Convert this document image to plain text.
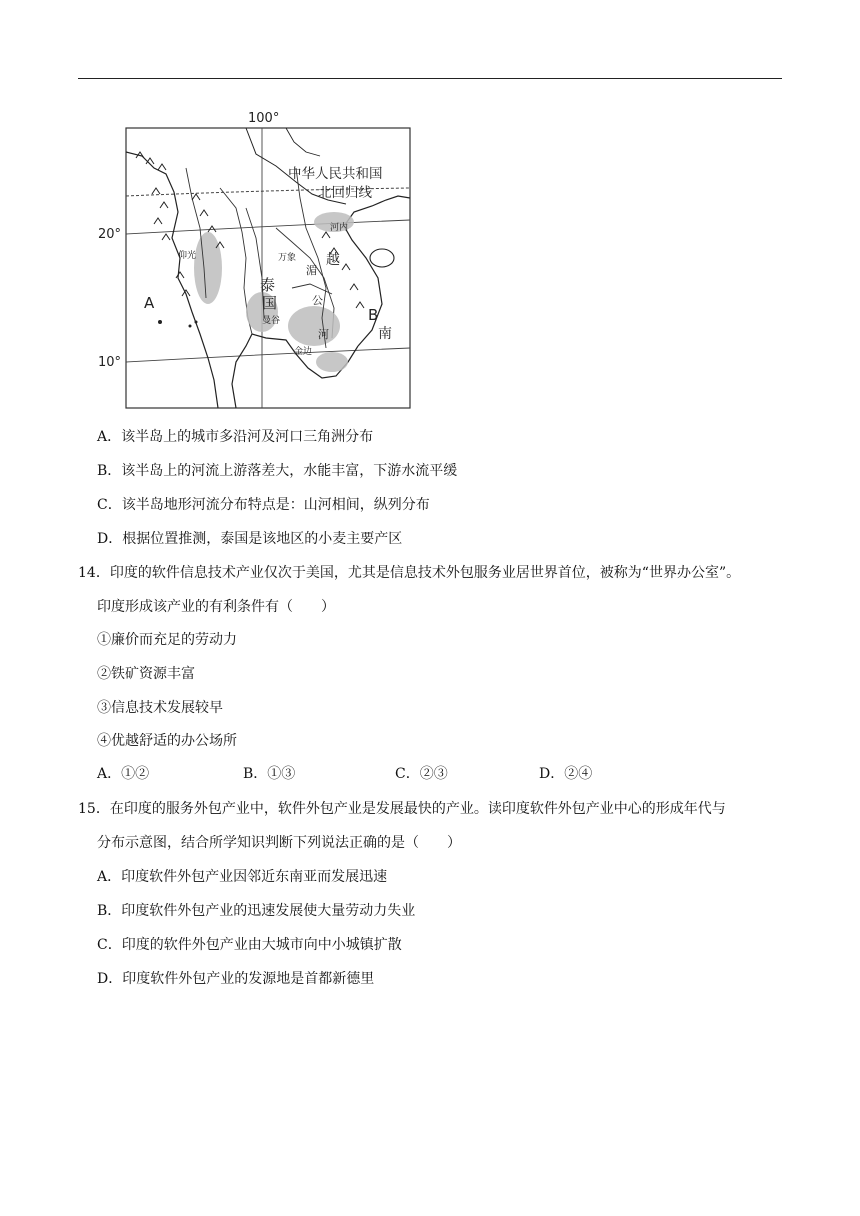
100°
20°
10°
中华人民共和国
北回归线
A
B
泰
国
越
南
湄
公
河
河内
万象
曼谷
金边
仰光
A．该半岛上的城市多沿河及河口三角洲分布
B．该半岛上的河流上游落差大，水能丰富，下游水流平缓
C．该半岛地形河流分布特点是：山河相间，纵列分布
D．根据位置推测，泰国是该地区的小麦主要产区
14．印度的软件信息技术产业仅次于美国，尤其是信息技术外包服务业居世界首位，被称为“世界办公室”。
印度形成该产业的有利条件有（　　）
①廉价而充足的劳动力
②铁矿资源丰富
③信息技术发展较早
④优越舒适的办公场所
A．①②	B．①③	C．②③	D．②④
15．在印度的服务外包产业中，软件外包产业是发展最快的产业。读印度软件外包产业中心的形成年代与
分布示意图，结合所学知识判断下列说法正确的是（　　）
A．印度软件外包产业因邻近东南亚而发展迅速
B．印度软件外包产业的迅速发展使大量劳动力失业
C．印度的软件外包产业由大城市向中小城镇扩散
D．印度软件外包产业的发源地是首都新德里
